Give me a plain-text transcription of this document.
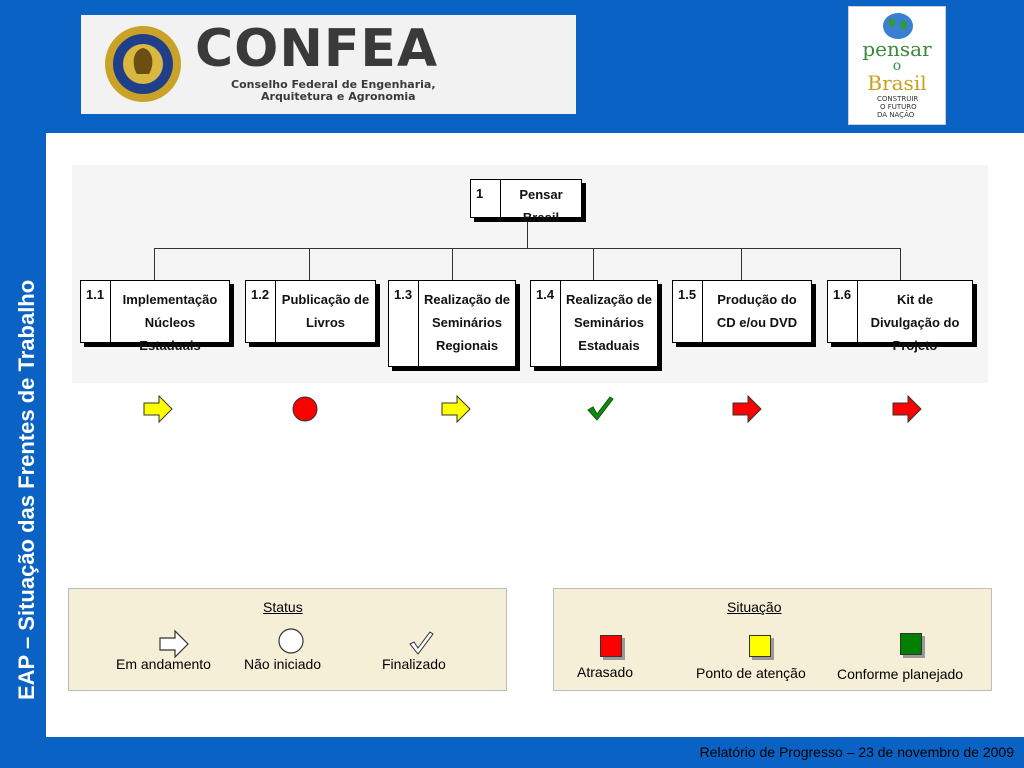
CONFEA
Conselho Federal de Engenharia,
Arquitetura e Agronomia
pensar
o
Brasil
CONSTRUIR
O FUTURO
DA NAÇÃO
EAP – Situação das Frentes de Trabalho
1	Pensar Brasil
1.1	Implementação Núcleos Estaduais
1.2 Publicação de Livros
1.3 Realização de Seminários Regionais
1.4 Realização de Seminários Estaduais
1.5	Produção do CD e/ou DVD
1.6	Kit de Divulgação do Projeto
Status
Em andamento Não iniciado	Finalizado
Situação
Atrasado	Ponto de atenção Conforme planejado
Relatório de Progresso – 23 de novembro de 2009
